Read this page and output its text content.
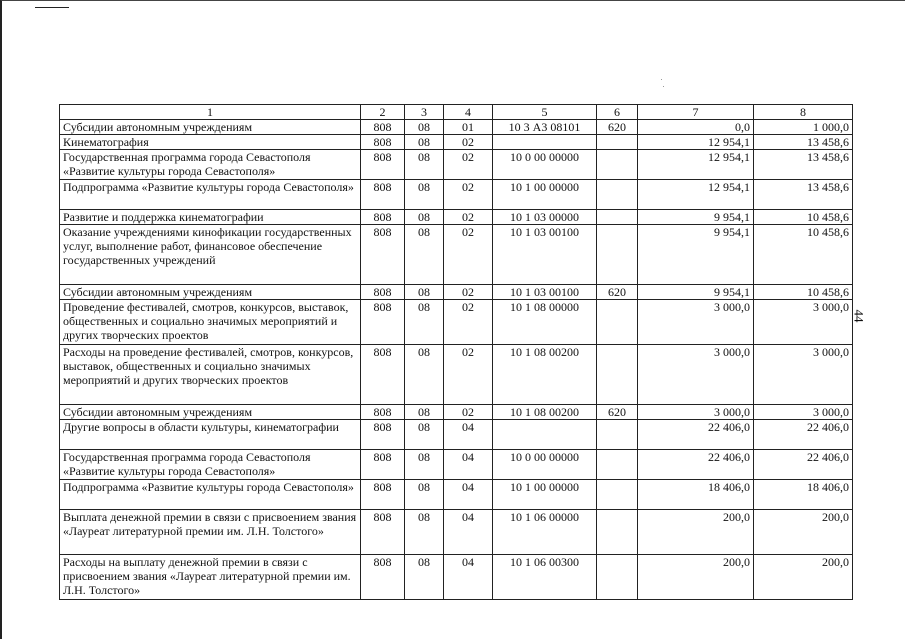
44
1	2	3	4	5	6	7	8
Субсидии автономным учреждениям	808	08	01	10 3 А3 08101	620	0,0	1 000,0
Кинематография	808	08	02			12 954,1	13 458,6
Государственная программа города Севастополя «Развитие культуры города Севастополя»	808	08	02	10 0 00 00000		12 954,1	13 458,6
Подпрограмма «Развитие культуры города Севастополя»	808	08	02	10 1 00 00000		12 954,1	13 458,6
Развитие и поддержка кинематографии	808	08	02	10 1 03 00000		9 954,1	10 458,6
Оказание учреждениями кинофикации государственных услуг, выполнение работ, финансовое обеспечение государственных учреждений	808	08	02	10 1 03 00100		9 954,1	10 458,6
Субсидии автономным учреждениям	808	08	02	10 1 03 00100	620	9 954,1	10 458,6
Проведение фестивалей, смотров, конкурсов, выставок, общественных и социально значимых мероприятий и других творческих проектов	808	08	02	10 1 08 00000		3 000,0	3 000,0
Расходы на проведение фестивалей, смотров, конкурсов, выставок, общественных и социально значимых мероприятий и других творческих проектов	808	08	02	10 1 08 00200		3 000,0	3 000,0
Субсидии автономным учреждениям	808	08	02	10 1 08 00200	620	3 000,0	3 000,0
Другие вопросы в области культуры, кинематографии	808	08	04			22 406,0	22 406,0
Государственная программа города Севастополя «Развитие культуры города Севастополя»	808	08	04	10 0 00 00000		22 406,0	22 406,0
Подпрограмма «Развитие культуры города Севастополя»	808	08	04	10 1 00 00000		18 406,0	18 406,0
Выплата денежной премии в связи с присвоением звания «Лауреат литературной премии им. Л.Н. Толстого»	808	08	04	10 1 06 00000		200,0	200,0
Расходы на выплату денежной премии в связи с присвоением звания «Лауреат литературной премии им. Л.Н. Толстого»	808	08	04	10 1 06 00300		200,0	200,0
